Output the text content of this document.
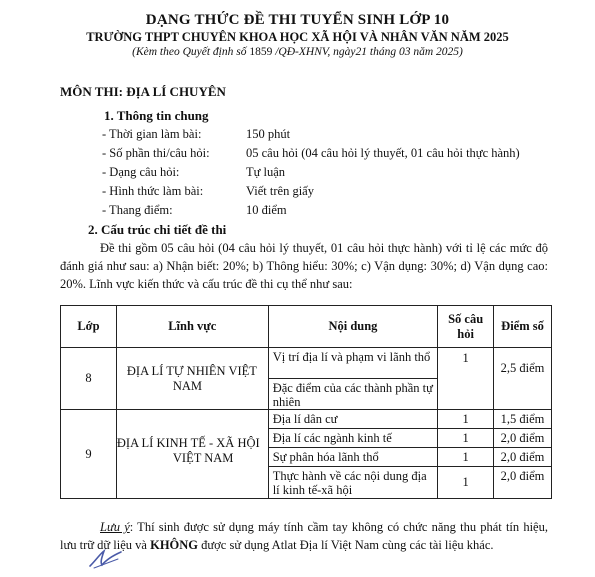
DẠNG THỨC ĐỀ THI TUYỂN SINH LỚP 10
TRƯỜNG THPT CHUYÊN KHOA HỌC XÃ HỘI VÀ NHÂN VĂN NĂM 2025
(Kèm theo Quyết định số 1859 /QĐ-XHNV, ngày21 tháng 03 năm 2025)
MÔN THI: ĐỊA LÍ CHUYÊN
1. Thông tin chung
- Thời gian làm bài:	150 phút
- Số phần thi/câu hỏi:	05 câu hỏi (04 câu hỏi lý thuyết, 01 câu hỏi thực hành)
- Dạng câu hỏi:	Tự luận
- Hình thức làm bài:	Viết trên giấy
- Thang điểm:	10 điểm
2. Cấu trúc chi tiết đề thi

Đề thi gồm 05 câu hỏi (04 câu hỏi lý thuyết, 01 câu hỏi thực hành) với tỉ lệ các mức độ đánh giá như sau: a) Nhận biết: 20%; b) Thông hiểu: 30%; c) Vận dụng: 30%; d) Vận dụng cao: 20%. Lĩnh vực kiến thức và cấu trúc đề thi cụ thể như sau:

Lớp	Lĩnh vực	Nội dung	Số câu hỏi	Điểm số
8	ĐỊA LÍ TỰ NHIÊN VIỆT NAM	Vị trí địa lí và phạm vi lãnh thổ	1	2,5 điểm
		Đặc điểm của các thành phần tự nhiên		
9	ĐỊA LÍ KINH TẾ - XÃ HỘI VIỆT NAM	Địa lí dân cư	1	1,5 điểm
		Địa lí các ngành kinh tế	1	2,0 điểm
		Sự phân hóa lãnh thổ	1	2,0 điểm
		Thực hành về các nội dung địa lí kinh tế-xã hội	1	2,0 điểm

Lưu ý: Thí sinh được sử dụng máy tính cầm tay không có chức năng thu phát tín hiệu, lưu trữ dữ liệu và KHÔNG được sử dụng Atlat Địa lí Việt Nam cùng các tài liệu khác.
